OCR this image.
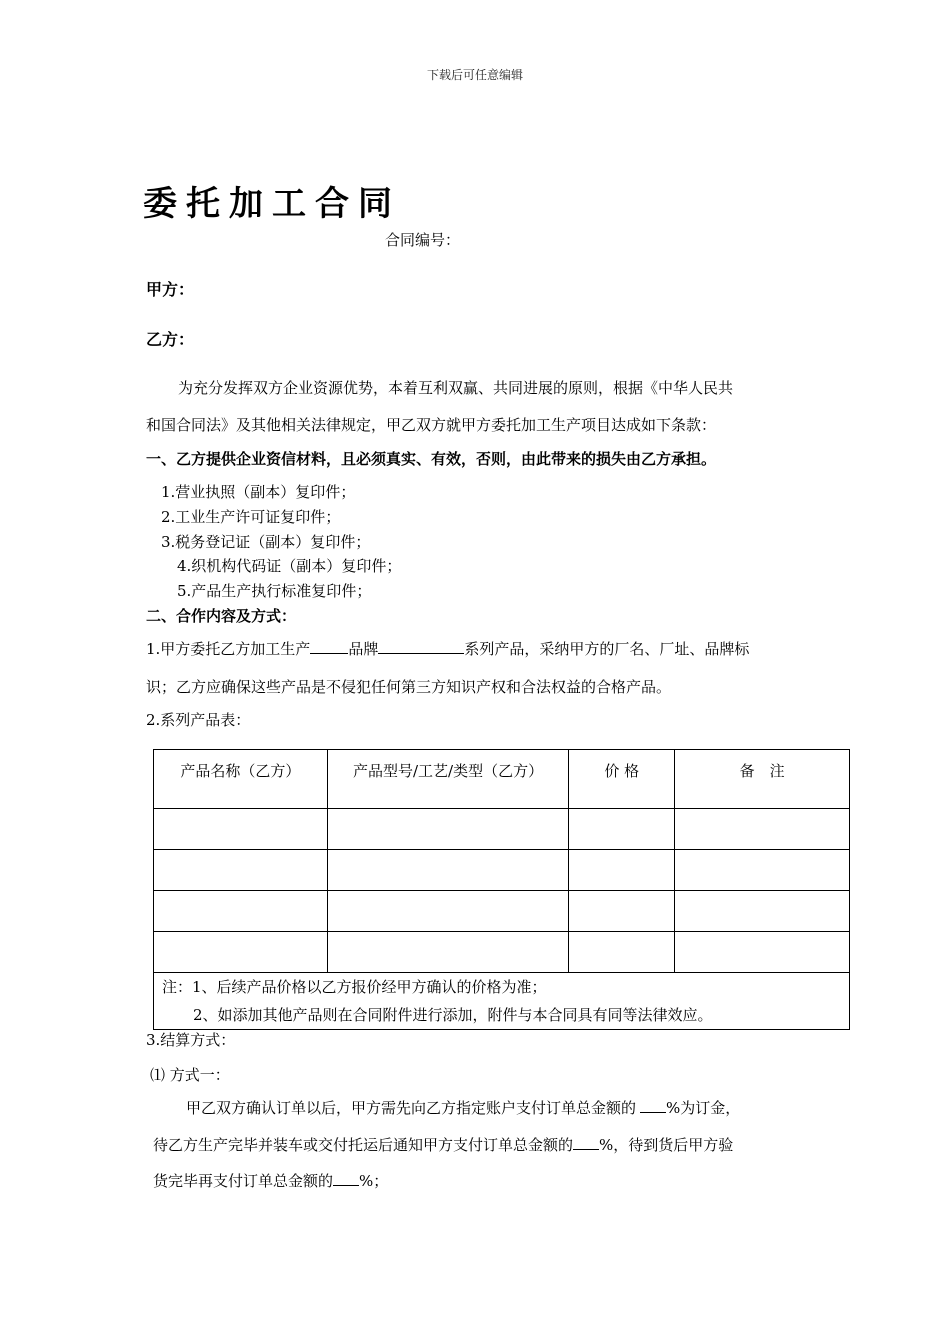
下载后可任意编辑
委托加工合同
合同编号：
甲方：
乙方：
为充分发挥双方企业资源优势，本着互利双赢、共同进展的原则，根据《中华人民共
和国合同法》及其他相关法律规定，甲乙双方就甲方委托加工生产项目达成如下条款：
一、乙方提供企业资信材料，且必须真实、有效，否则，由此带来的损失由乙方承担。
1.营业执照（副本）复印件；
2.工业生产许可证复印件；
3.税务登记证（副本）复印件；
4.织机构代码证（副本）复印件；
5.产品生产执行标准复印件；
二、合作内容及方式：
1.甲方委托乙方加工生产	品牌	系列产品，采纳甲方的厂名、厂址、品牌标
识；乙方应确保这些产品是不侵犯任何第三方知识产权和合法权益的合格产品。
2.系列产品表：
产品名称（乙方）	产品型号/工艺/类型（乙方）	价 格	备　注

注：1、后续产品价格以乙方报价经甲方确认的价格为准；
2、如添加其他产品则在合同附件进行添加，附件与本合同具有同等法律效应。			
3.结算方式：
⑴ 方式一：
甲乙双方确认订单以后，甲方需先向乙方指定账户支付订单总金额的 %为订金，
待乙方生产完毕并装车或交付托运后通知甲方支付订单总金额的 %，待到货后甲方验
货完毕再支付订单总金额的 %；
